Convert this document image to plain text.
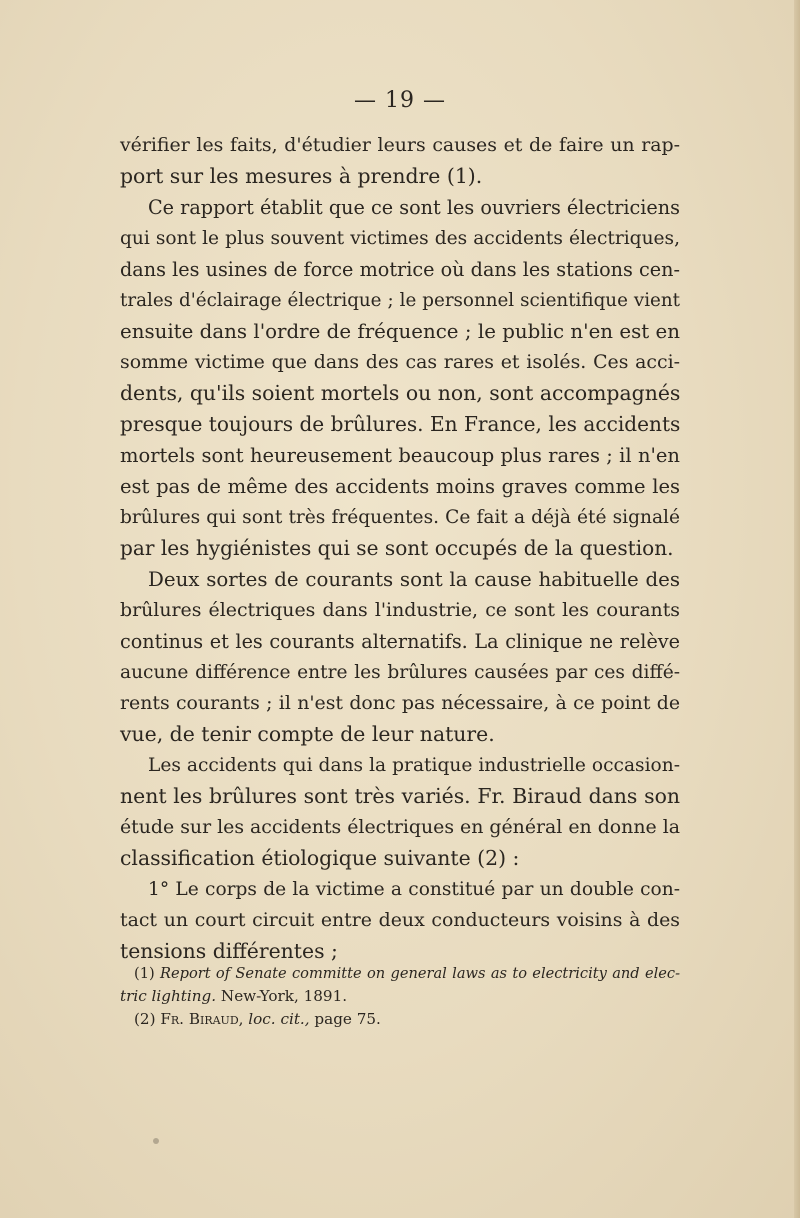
— 19 —
vérifier les faits, d'étudier leurs causes et de faire un rap-
port sur les mesures à prendre (1).
Ce rapport établit que ce sont les ouvriers électriciens
qui sont le plus souvent victimes des accidents électriques,
dans les usines de force motrice où dans les stations cen-
trales d'éclairage électrique ; le personnel scientifique vient
ensuite dans l'ordre de fréquence ; le public n'en est en
somme victime que dans des cas rares et isolés. Ces acci-
dents, qu'ils soient mortels ou non, sont accompagnés
presque toujours de brûlures. En France, les accidents
mortels sont heureusement beaucoup plus rares ; il n'en
est pas de même des accidents moins graves comme les
brûlures qui sont très fréquentes. Ce fait a déjà été signalé
par les hygiénistes qui se sont occupés de la question.
Deux sortes de courants sont la cause habituelle des
brûlures électriques dans l'industrie, ce sont les courants
continus et les courants alternatifs. La clinique ne relève
aucune différence entre les brûlures causées par ces diffé-
rents courants ; il n'est donc pas nécessaire, à ce point de
vue, de tenir compte de leur nature.
Les accidents qui dans la pratique industrielle occasion-
nent les brûlures sont très variés. Fr. Biraud dans son
étude sur les accidents électriques en général en donne la
classification étiologique suivante (2) :
1° Le corps de la victime a constitué par un double con-
tact un court circuit entre deux conducteurs voisins à des
tensions différentes ;
(1) Report of Senate committe on general laws as to electricity and elec-
tric lighting. New-York, 1891.
(2) Fr. Biraud, loc. cit., page 75.
